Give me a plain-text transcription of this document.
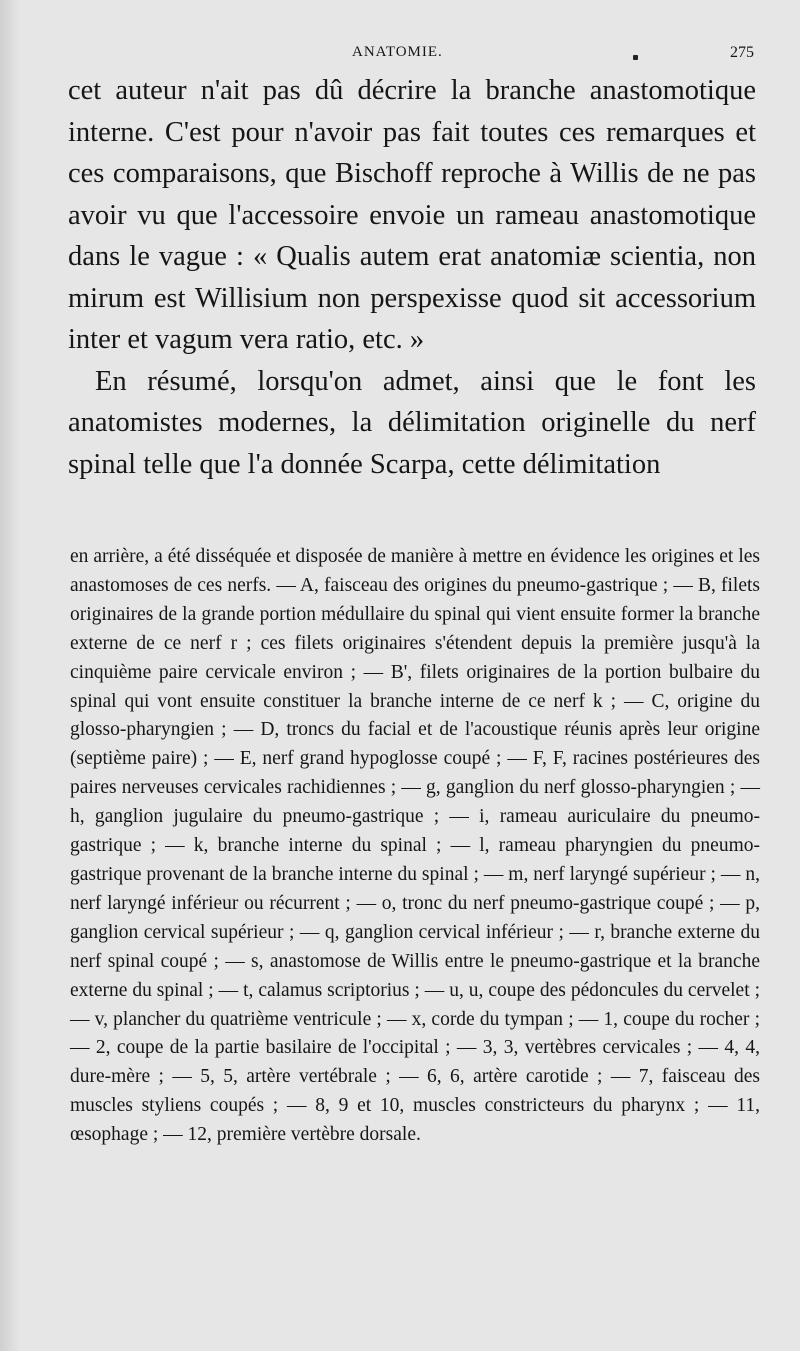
ANATOMIE.	275

cet auteur n'ait pas dû décrire la branche anastomotique interne. C'est pour n'avoir pas fait toutes ces remarques et ces comparaisons, que Bischoff reproche à Willis de ne pas avoir vu que l'accessoire envoie un rameau anastomotique dans le vague : « Qualis autem erat anatomiæ scientia, non mirum est Willisium non perspexisse quod sit accessorium inter et vagum vera ratio, etc. »

En résumé, lorsqu'on admet, ainsi que le font les anatomistes modernes, la délimitation originelle du nerf spinal telle que l'a donnée Scarpa, cette délimitation

en arrière, a été disséquée et disposée de manière à mettre en évidence les origines et les anastomoses de ces nerfs. — A, faisceau des origines du pneumo-gastrique ; — B, filets originaires de la grande portion médullaire du spinal qui vient ensuite former la branche externe de ce nerf r ; ces filets originaires s'étendent depuis la première jusqu'à la cinquième paire cervicale environ ; — B', filets originaires de la portion bulbaire du spinal qui vont ensuite constituer la branche interne de ce nerf k ; — C, origine du glosso-pharyngien ; — D, troncs du facial et de l'acoustique réunis après leur origine (septième paire) ; — E, nerf grand hypoglosse coupé ; — F, F, racines postérieures des paires nerveuses cervicales rachidiennes ; — g, ganglion du nerf glosso-pharyngien ; — h, ganglion jugulaire du pneumo-gastrique ; — i, rameau auriculaire du pneumo-gastrique ; — k, branche interne du spinal ; — l, rameau pharyngien du pneumo-gastrique provenant de la branche interne du spinal ; — m, nerf laryngé supérieur ; — n, nerf laryngé inférieur ou récurrent ; — o, tronc du nerf pneumo-gastrique coupé ; — p, ganglion cervical supérieur ; — q, ganglion cervical inférieur ; — r, branche externe du nerf spinal coupé ; — s, anastomose de Willis entre le pneumo-gastrique et la branche externe du spinal ; — t, calamus scriptorius ; — u, u, coupe des pédoncules du cervelet ; — v, plancher du quatrième ventricule ; — x, corde du tympan ; — 1, coupe du rocher ; — 2, coupe de la partie basilaire de l'occipital ; — 3, 3, vertèbres cervicales ; — 4, 4, dure-mère ; — 5, 5, artère vertébrale ; — 6, 6, artère carotide ; — 7, faisceau des muscles styliens coupés ; — 8, 9 et 10, muscles constricteurs du pharynx ; — 11, œsophage ; — 12, première vertèbre dorsale.
